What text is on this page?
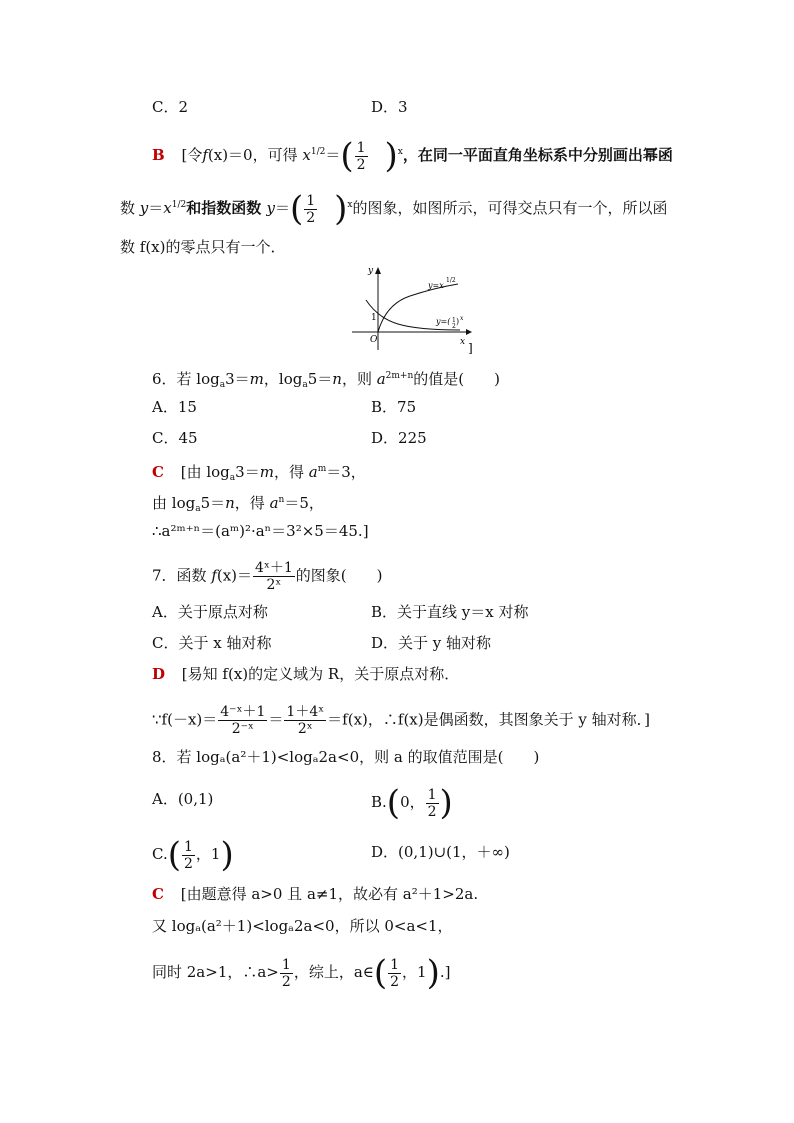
C．2	D．3
B [令f(x)＝0，可得 $x^{1/2}=( \frac{1}{2} )^x$，在同一平面直角坐标系中分别画出幂函
数 $y=x^{1/2}$和指数函数 $y=( \frac{1}{2} )^x$的图象，如图所示，可得交点只有一个，所以函
数 f(x)的零点只有一个．
y
x
O
1
y=x
1/2
y=( 1
2
) x
]
6．若 $\log_a3=m$，$\log_a5=n$，则 $a^{2m+n}$的值是(　　)
A．15	B．75
C．45	D．225
C [由 $\log_a3=m$，得 $a^m=3$，
由 $\log_a5=n$，得 $a^n=5$，
∴a²ᵐ⁺ⁿ＝(aᵐ)²·aⁿ＝3²×5＝45.]
7．函数 $f(x)= \frac{\text{4ˣ＋1}}{\text{2ˣ}}$ 的图象(　　)
A．关于原点对称	B．关于直线 y＝x 对称
C．关于 x 轴对称	D．关于 y 轴对称
D [易知 f(x)的定义域为 R，关于原点对称．
∵f(－x)＝ $\frac{\text{4⁻ˣ＋1}}{\text{2⁻ˣ}} = \frac{\text{1＋4ˣ}}{\text{2ˣ}} =f(x)$，∴f(x)是偶函数，其图象关于 y 轴对称．]
8．若 logₐ(a²＋1)<logₐ2a<0，则 a 的取值范围是(　　)
A．(0,1)	B.(0， $\frac{1}{2}$ )
$C.( \frac{1}{2}$ ，1)	D．(0,1)∪(1，＋∞)
C [由题意得 a>0 且 a≠1，故必有 a²＋1>2a.
又 logₐ(a²＋1)<logₐ2a<0，所以 0<a<1，
同时 2a>1，∴a> $\frac{1}{2}$ ，综上，a∈( $\frac{1}{2}$ ，1).]
